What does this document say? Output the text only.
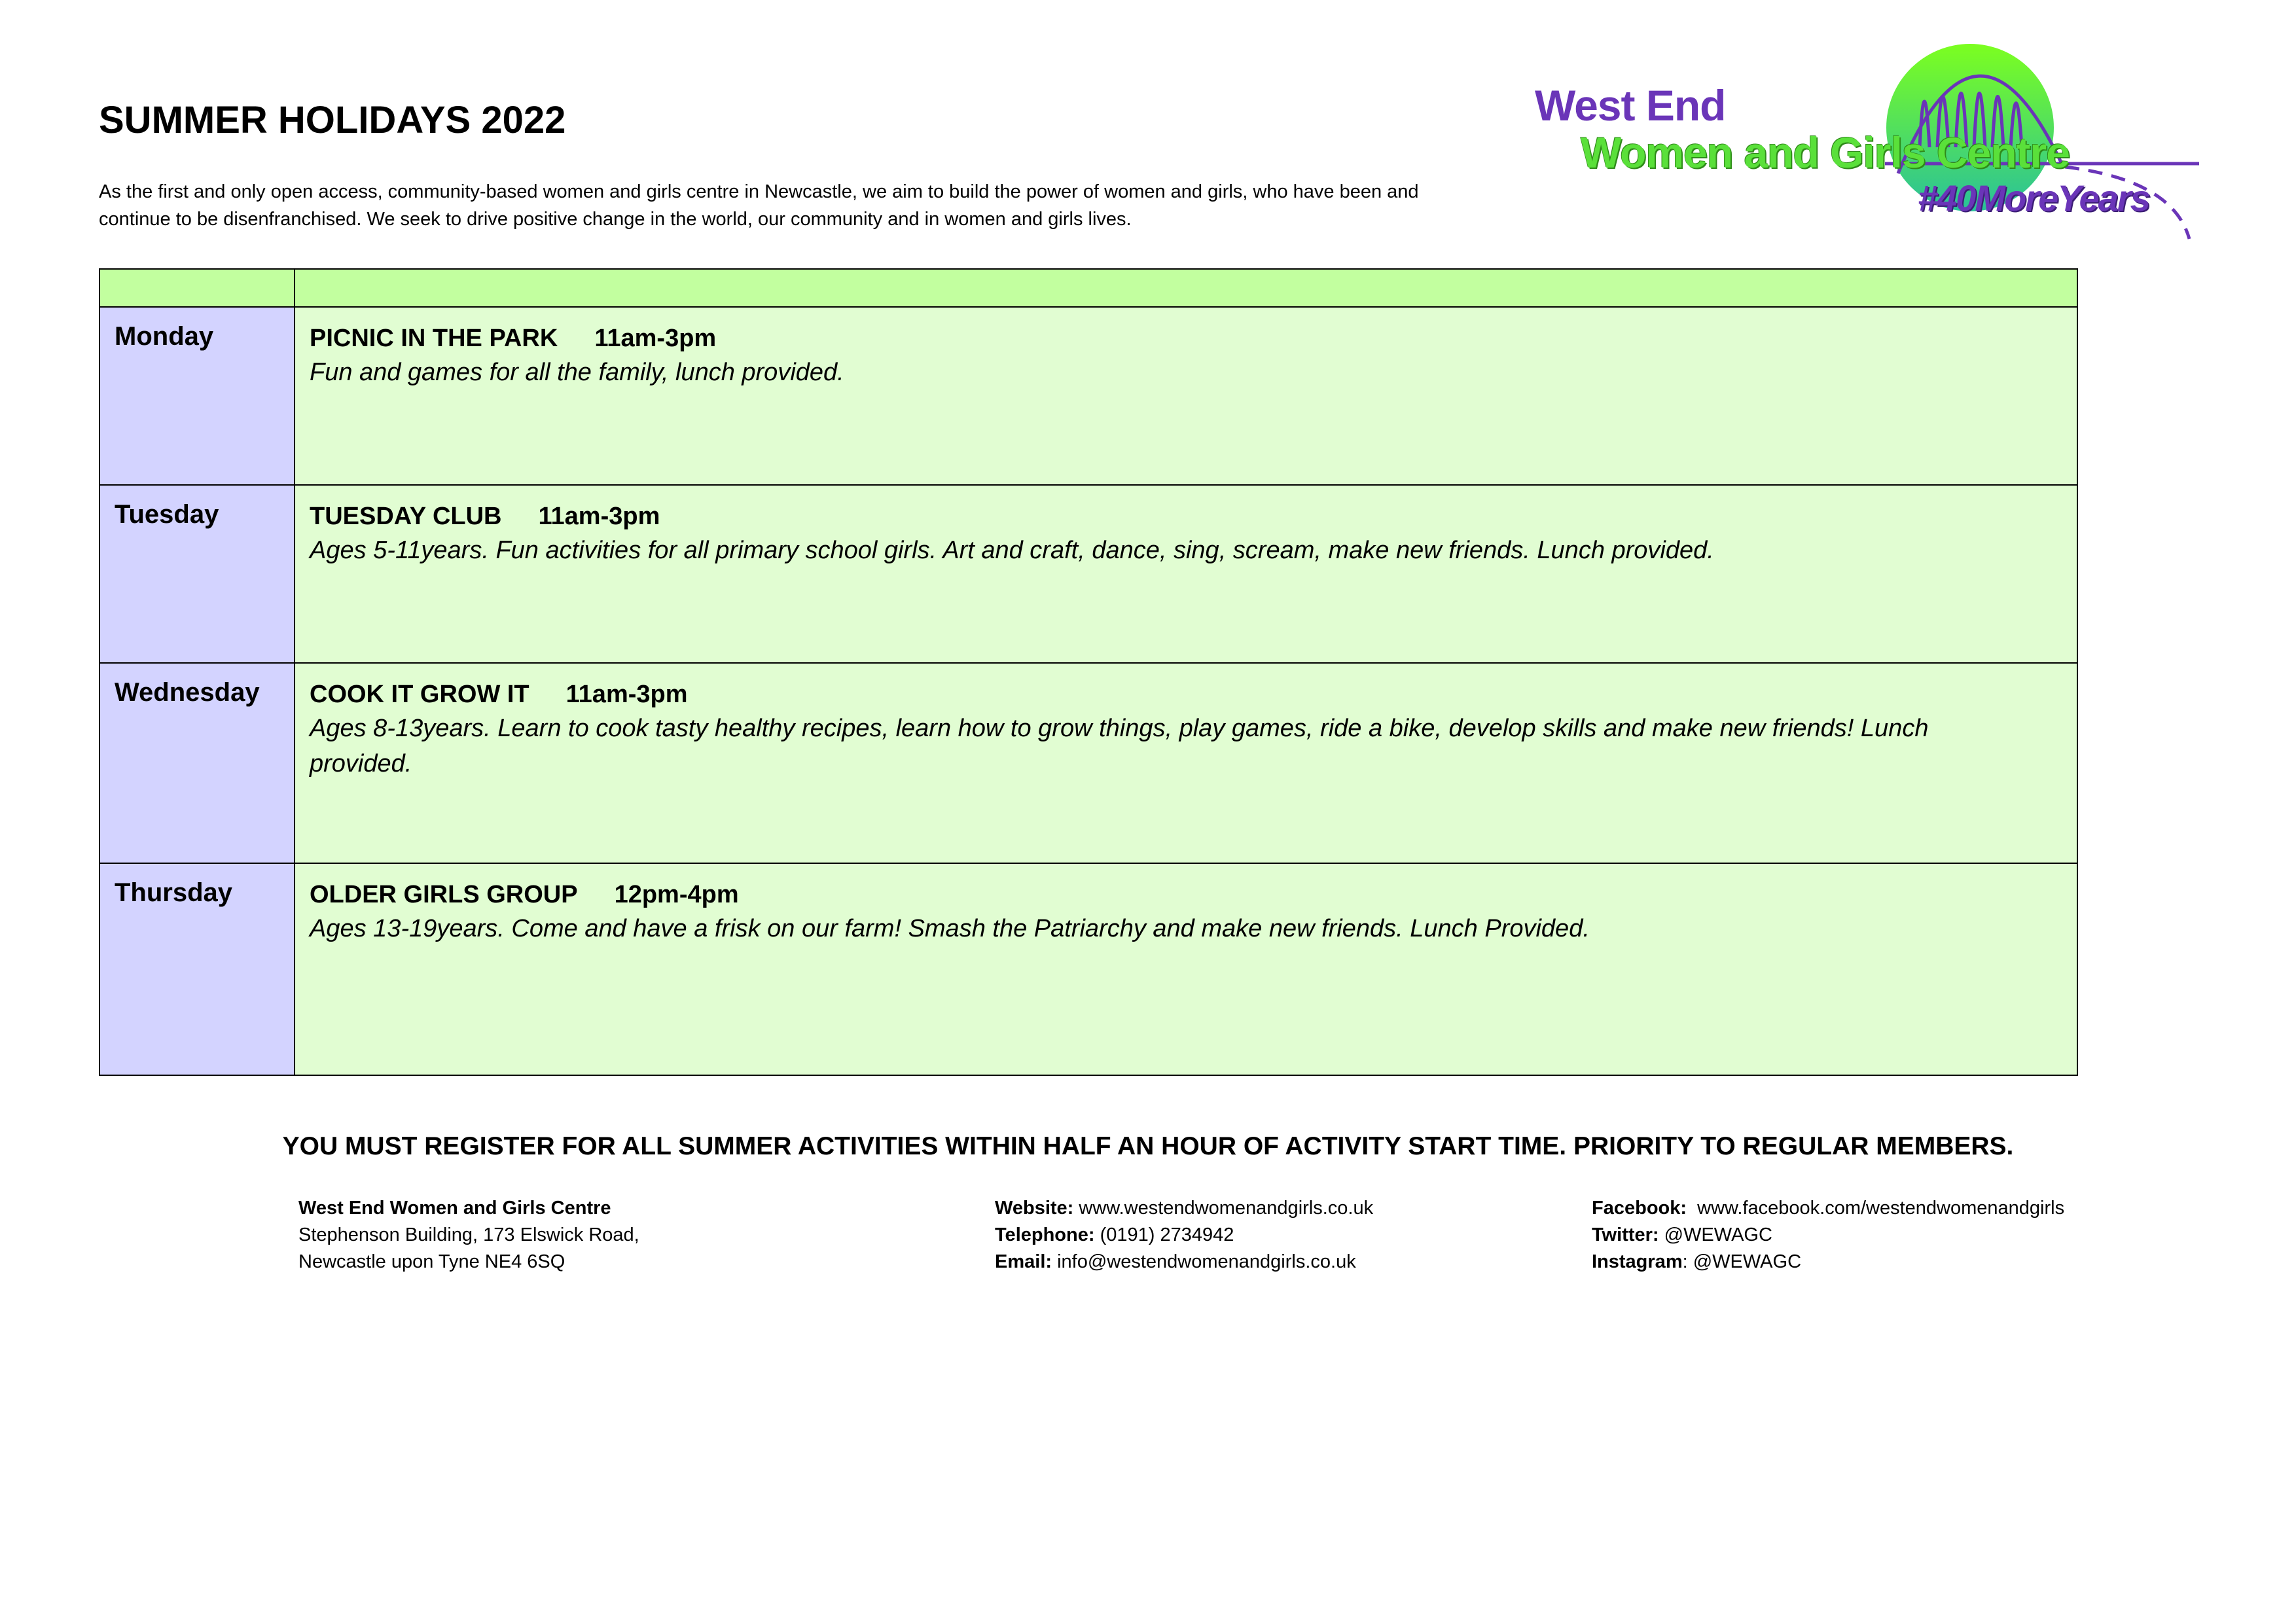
SUMMER HOLIDAYS 2022
As the first and only open access, community-based women and girls centre in Newcastle, we aim to build the power of women and girls, who have been and continue to be disenfranchised. We seek to drive positive change in the world, our community and in women and girls lives.
West End
Women and Girls Centre
#40MoreYears

Monday	PICNIC IN THE PARK 11am-3pm
Fun and games for all the family, lunch provided.

Tuesday	TUESDAY CLUB 11am-3pm
Ages 5-11years. Fun activities for all primary school girls. Art and craft, dance, sing, scream, make new friends. Lunch provided.

Wednesday	COOK IT GROW IT 11am-3pm
Ages 8-13years. Learn to cook tasty healthy recipes, learn how to grow things, play games, ride a bike, develop skills and make new friends! Lunch provided.

Thursday	OLDER GIRLS GROUP 12pm-4pm
Ages 13-19years. Come and have a frisk on our farm! Smash the Patriarchy and make new friends. Lunch Provided.
YOU MUST REGISTER FOR ALL SUMMER ACTIVITIES WITHIN HALF AN HOUR OF ACTIVITY START TIME. PRIORITY TO REGULAR MEMBERS.
West End Women and Girls Centre
Stephenson Building, 173 Elswick Road,
Newcastle upon Tyne NE4 6SQ
Website: www.westendwomenandgirls.co.uk
Telephone: (0191) 2734942
Email: info@westendwomenandgirls.co.uk
Facebook: www.facebook.com/westendwomenandgirls
Twitter: @WEWAGC
Instagram: @WEWAGC
